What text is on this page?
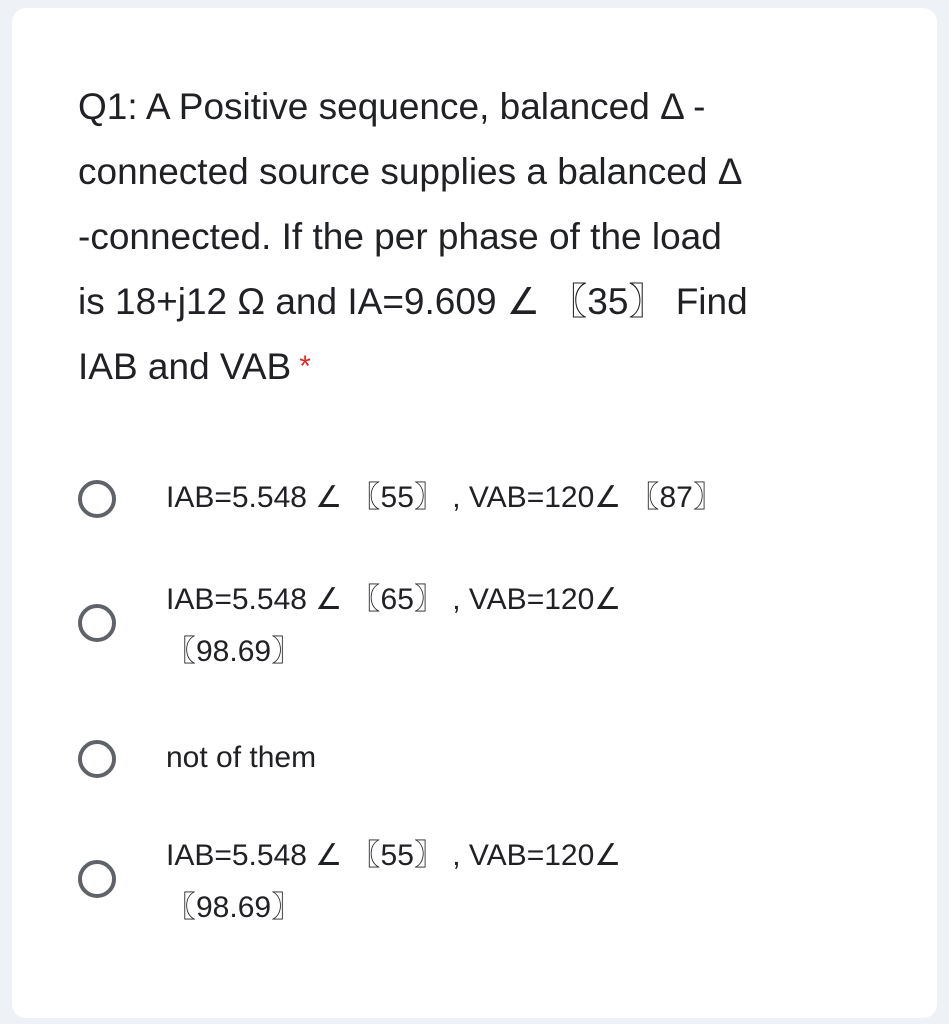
Q1: A Positive sequence, balanced Δ -
connected source supplies a balanced Δ
-connected. If the per phase of the load
is 18+j12 Ω and IA=9.609 ∠ 〖35〗 Find
IAB and VAB *
IAB=5.548 ∠ 〖55〗 , VAB=120∠ 〖87〗
IAB=5.548 ∠ 〖65〗 , VAB=120∠ 〖98.69〗
not of them
IAB=5.548 ∠ 〖55〗 , VAB=120∠ 〖98.69〗
